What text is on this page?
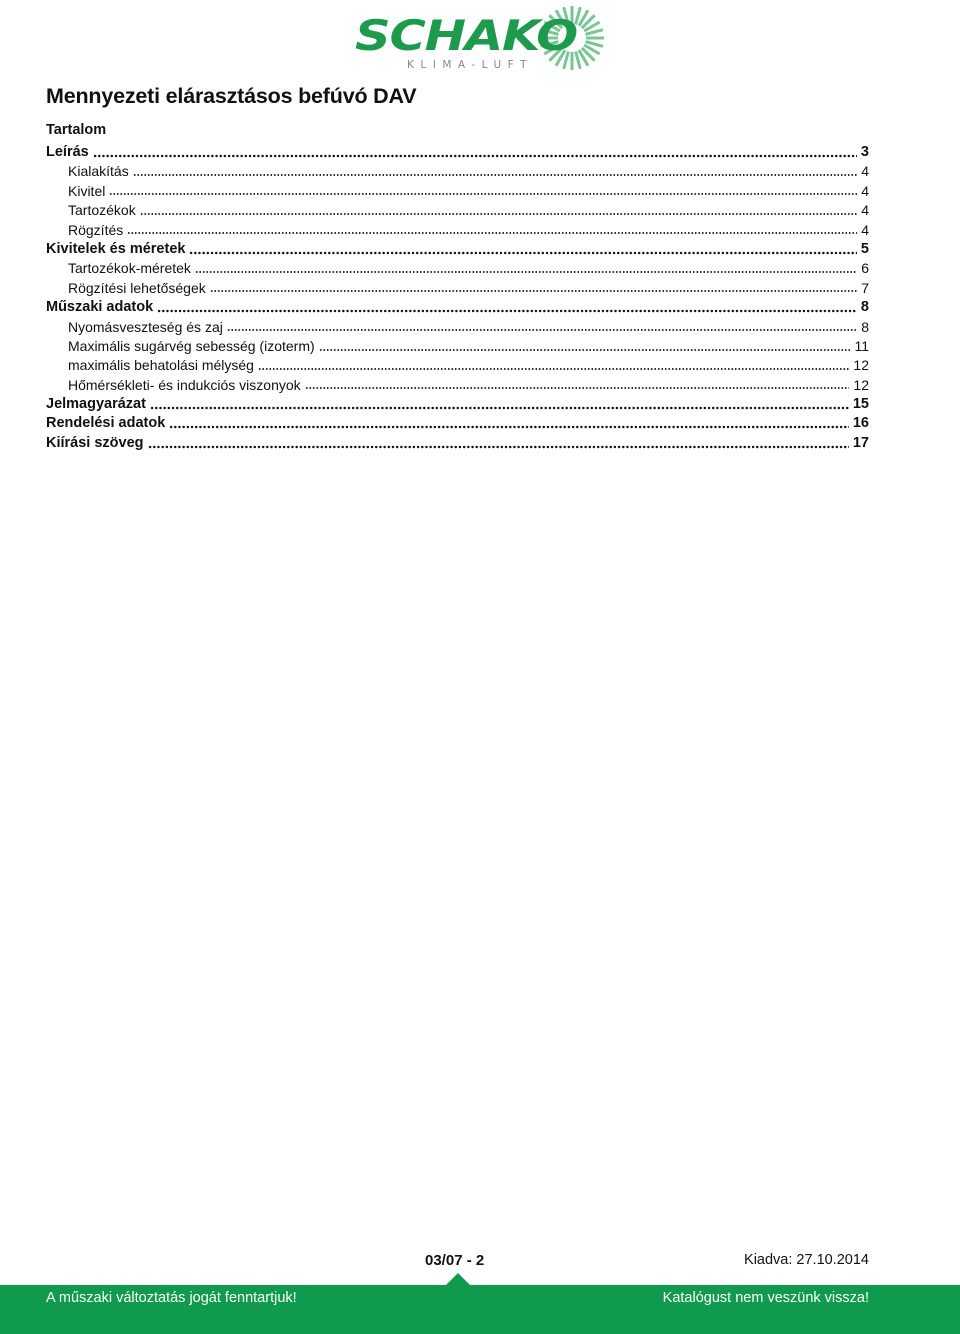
SCHAKO
KLIMA-LUFT
Mennyezeti elárasztásos befúvó DAV
Tartalom
Leírás	3
Kialakítás	4
Kivitel	4
Tartozékok	4
Rögzítés	4
Kivitelek és méretek	5
Tartozékok-méretek	6
Rögzítési lehetőségek	7
Műszaki adatok	8
Nyomásveszteség és zaj	8
Maximális sugárvég sebesség (izoterm)	11
maximális behatolási mélység	12
Hőmérsékleti- és indukciós viszonyok	12
Jelmagyarázat	15
Rendelési adatok	16
Kiírási szöveg	17
03/07 - 2	Kiadva: 27.10.2014
A műszaki változtatás jogát fenntartjuk!	Katalógust nem veszünk vissza!
